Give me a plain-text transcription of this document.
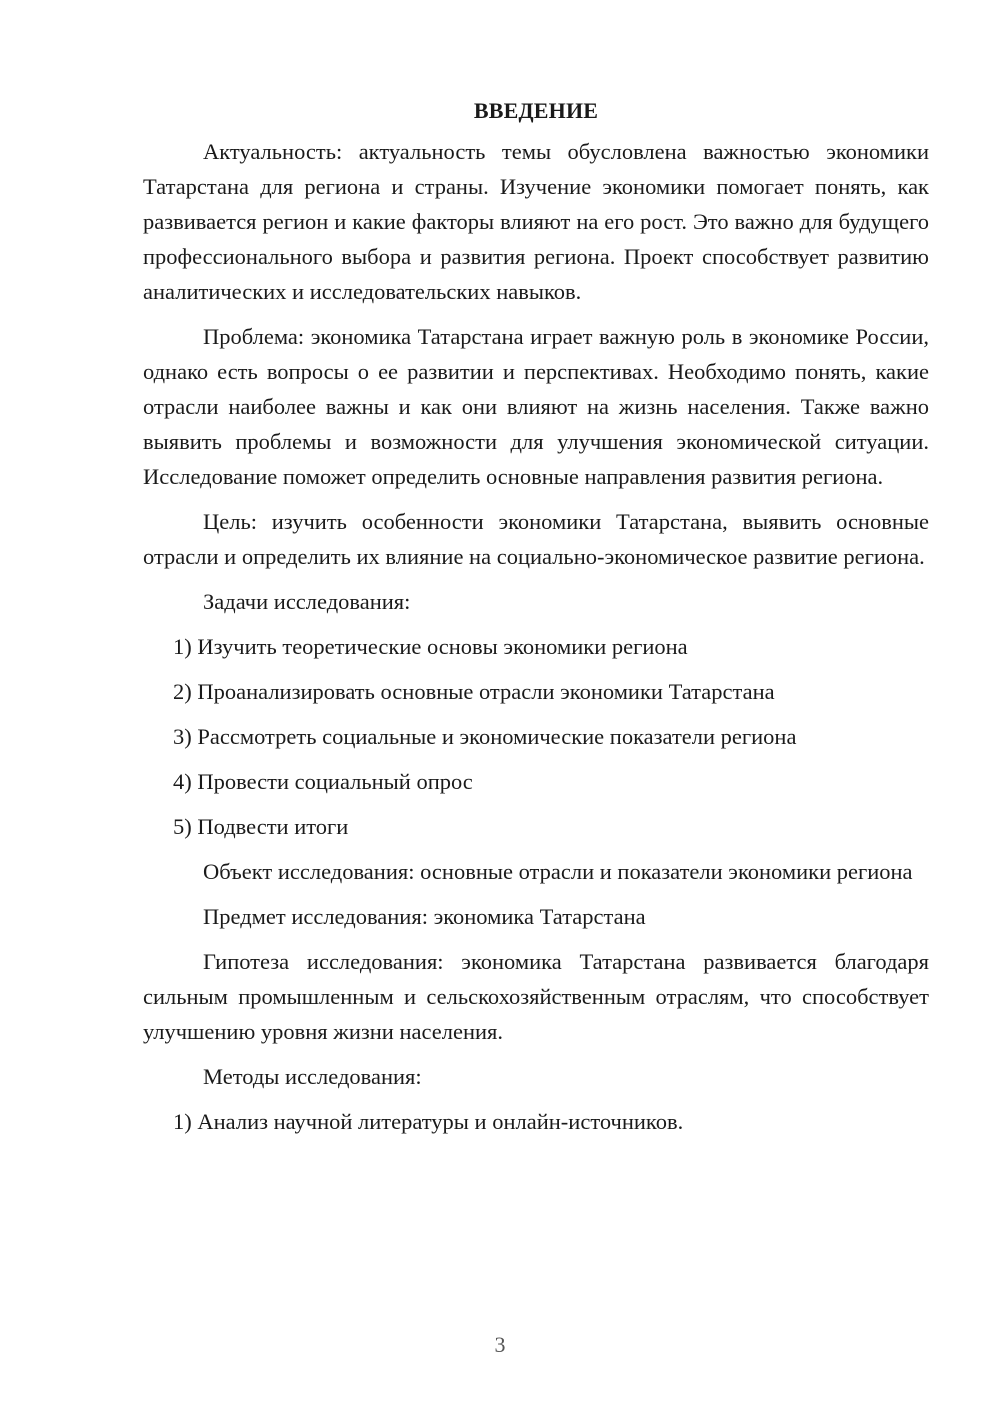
ВВЕДЕНИЕ

Актуальность: актуальность темы обусловлена важностью экономики Татарстана для региона и страны. Изучение экономики помогает понять, как развивается регион и какие факторы влияют на его рост. Это важно для будущего профессионального выбора и развития региона. Проект способствует развитию аналитических и исследовательских навыков.

Проблема: экономика Татарстана играет важную роль в экономике России, однако есть вопросы о ее развитии и перспективах. Необходимо понять, какие отрасли наиболее важны и как они влияют на жизнь населения. Также важно выявить проблемы и возможности для улучшения экономической ситуации. Исследование поможет определить основные направления развития региона.

Цель: изучить особенности экономики Татарстана, выявить основные отрасли и определить их влияние на социально-экономическое развитие региона.

Задачи исследования:

1) Изучить теоретические основы экономики региона

2) Проанализировать основные отрасли экономики Татарстана

3) Рассмотреть социальные и экономические показатели региона

4) Провести социальный опрос

5) Подвести итоги

Объект исследования: основные отрасли и показатели экономики региона

Предмет исследования: экономика Татарстана

Гипотеза исследования: экономика Татарстана развивается благодаря сильным промышленным и сельскохозяйственным отраслям, что способствует улучшению уровня жизни населения.

Методы исследования:

1) Анализ научной литературы и онлайн-источников.

3
